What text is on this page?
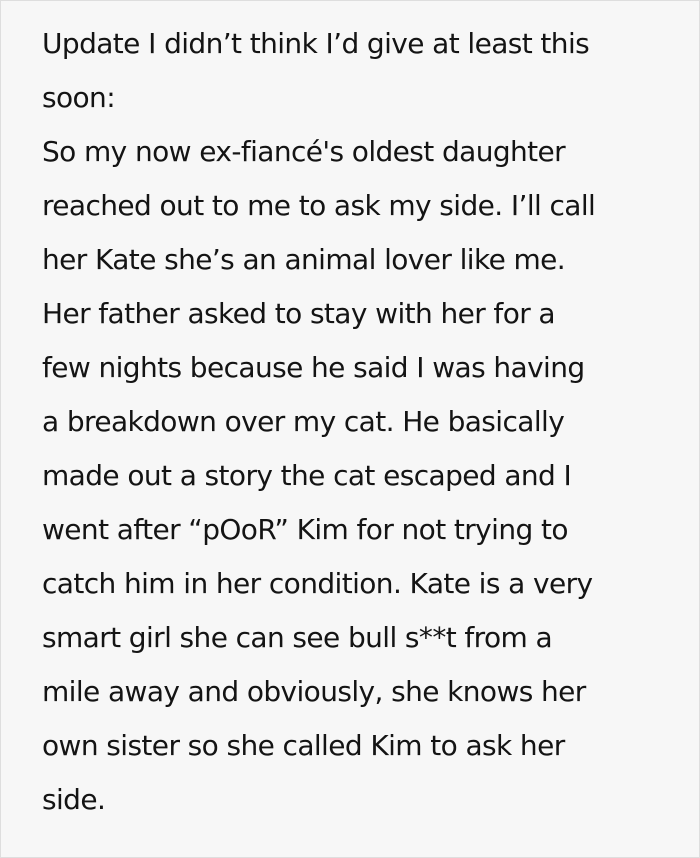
Update I didn’t think I’d give at least this
soon:
So my now ex-fiancé's oldest daughter
reached out to me to ask my side. I’ll call
her Kate she’s an animal lover like me.
Her father asked to stay with her for a
few nights because he said I was having
a breakdown over my cat. He basically
made out a story the cat escaped and I
went after “pOoR” Kim for not trying to
catch him in her condition. Kate is a very
smart girl she can see bull s**t from a
mile away and obviously, she knows her
own sister so she called Kim to ask her
side.
